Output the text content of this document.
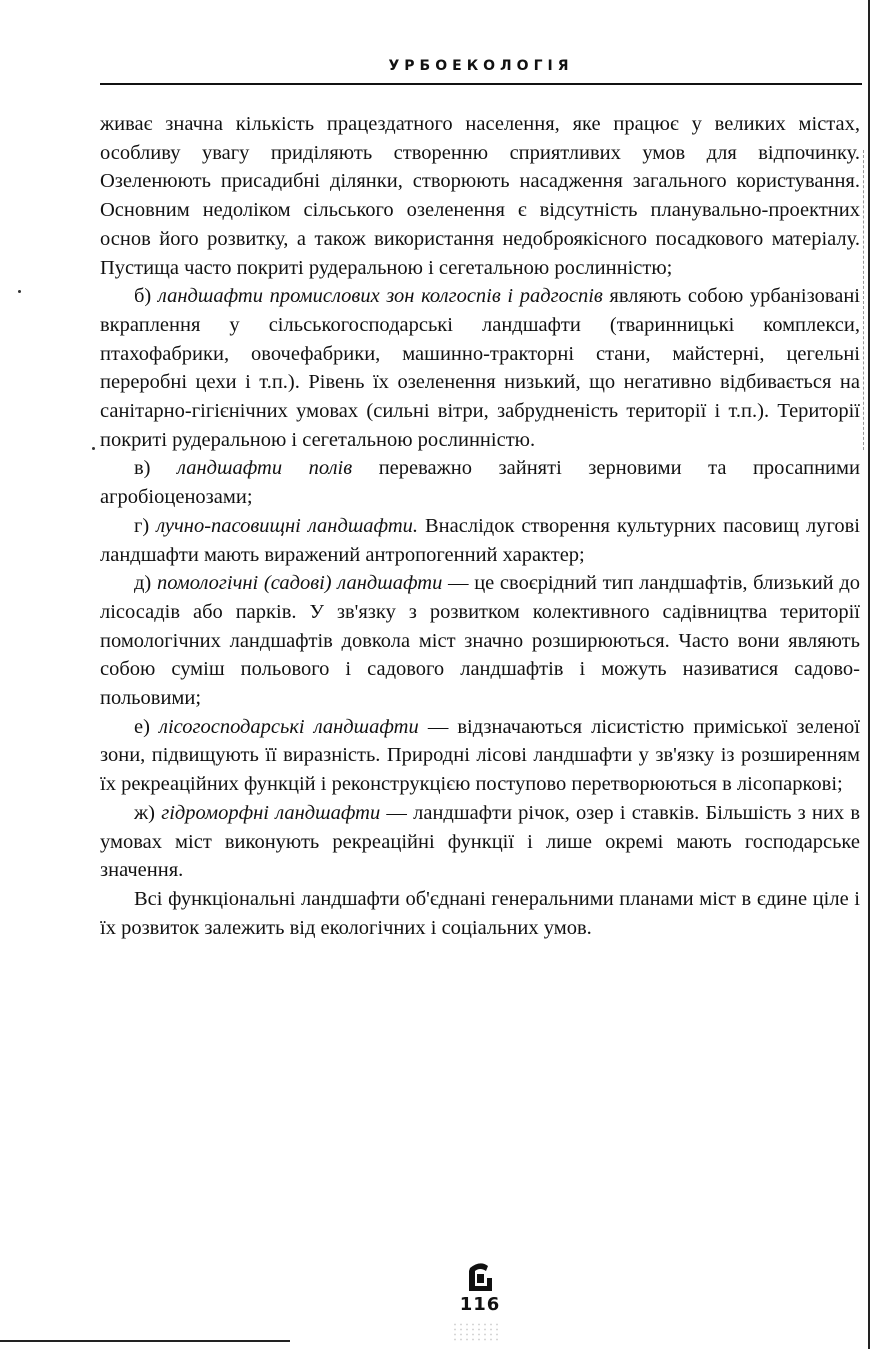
УРБОЕКОЛОГІЯ

живає значна кількість працездатного населення, яке працює у великих містах, особливу увагу приділяють створенню сприятливих умов для відпочинку. Озеленюють присадибні ділянки, створюють насадження загального користування. Основним недоліком сільського озеленення є відсутність планувально-проектних основ його розвитку, а також використання недоброякісного посадкового матеріалу. Пустища часто покриті рудеральною і сегетальною рослинністю;

б) ландшафти промислових зон колгоспів і радгоспів являють собою урбанізовані вкраплення у сільськогосподарські ландшафти (тваринницькі комплекси, птахофабрики, овочефабрики, машинно-тракторні стани, майстерні, цегельні переробні цехи і т.п.). Рівень їх озеленення низький, що негативно відбивається на санітарно-гігієнічних умовах (сильні вітри, забрудненість території і т.п.). Території покриті рудеральною і сегетальною рослинністю.

в) ландшафти полів переважно зайняті зерновими та просапними агробіоценозами;

г) лучно-пасовищні ландшафти. Внаслідок створення культурних пасовищ лугові ландшафти мають виражений антропогенний характер;

д) помологічні (садові) ландшафти — це своєрідний тип ландшафтів, близький до лісосадів або парків. У зв'язку з розвитком колективного садівництва території помологічних ландшафтів довкола міст значно розширюються. Часто вони являють собою суміш польового і садового ландшафтів і можуть називатися садово-польовими;

е) лісогосподарські ландшафти — відзначаються лісистістю приміської зеленої зони, підвищують її виразність. Природні лісові ландшафти у зв'язку із розширенням їх рекреаційних функцій і реконструкцією поступово перетворюються в лісопаркові;

ж) гідроморфні ландшафти — ландшафти річок, озер і ставків. Більшість з них в умовах міст виконують рекреаційні функції і лише окремі мають господарське значення.

Всі функціональні ландшафти об'єднані генеральними планами міст в єдине ціле і їх розвиток залежить від екологічних і соціальних умов.

116
